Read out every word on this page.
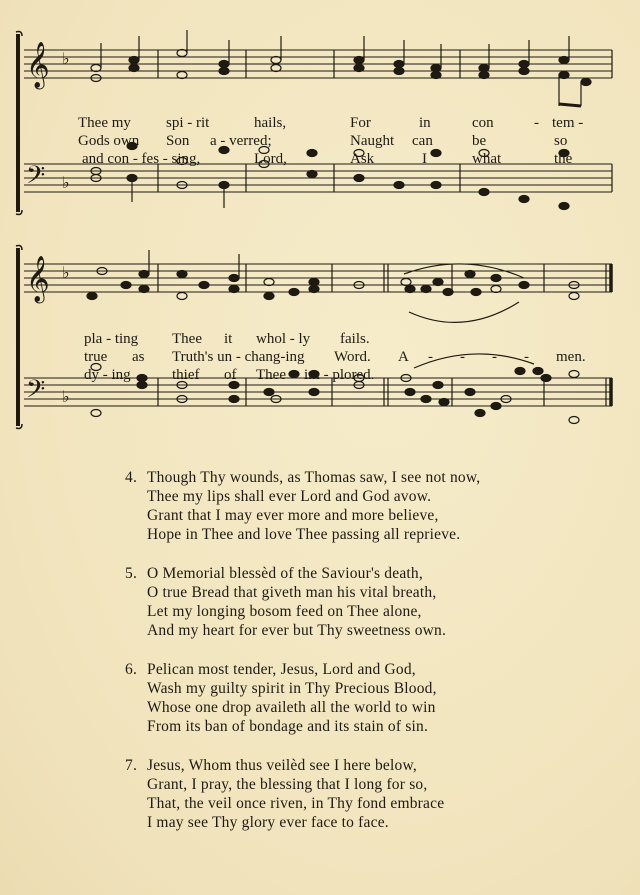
𝄞 ♭
𝄢 ♭
Thee my spi - rit	hails,	For	in	con	- tem -
Gods own Son a - verred;	Naught can	be	so
and con - fes - sing,	Lord,	Ask	I	what	the
𝄞 ♭
𝄢 ♭
pla - ting Thee it whol - ly fails.
true as Truth's un - chang-ing Word. A - - - - men.
dy - ing	thief of Thee im - plored.
4. Though Thy wounds, as Thomas saw, I see not now,
Thee my lips shall ever Lord and God avow.
Grant that I may ever more and more believe,
Hope in Thee and love Thee passing all reprieve.
5. O Memorial blessèd of the Saviour's death,
O true Bread that giveth man his vital breath,
Let my longing bosom feed on Thee alone,
And my heart for ever but Thy sweetness own.
6. Pelican most tender, Jesus, Lord and God,
Wash my guilty spirit in Thy Precious Blood,
Whose one drop availeth all the world to win
From its ban of bondage and its stain of sin.
7. Jesus, Whom thus veilèd see I here below,
Grant, I pray, the blessing that I long for so,
That, the veil once riven, in Thy fond embrace
I may see Thy glory ever face to face.
